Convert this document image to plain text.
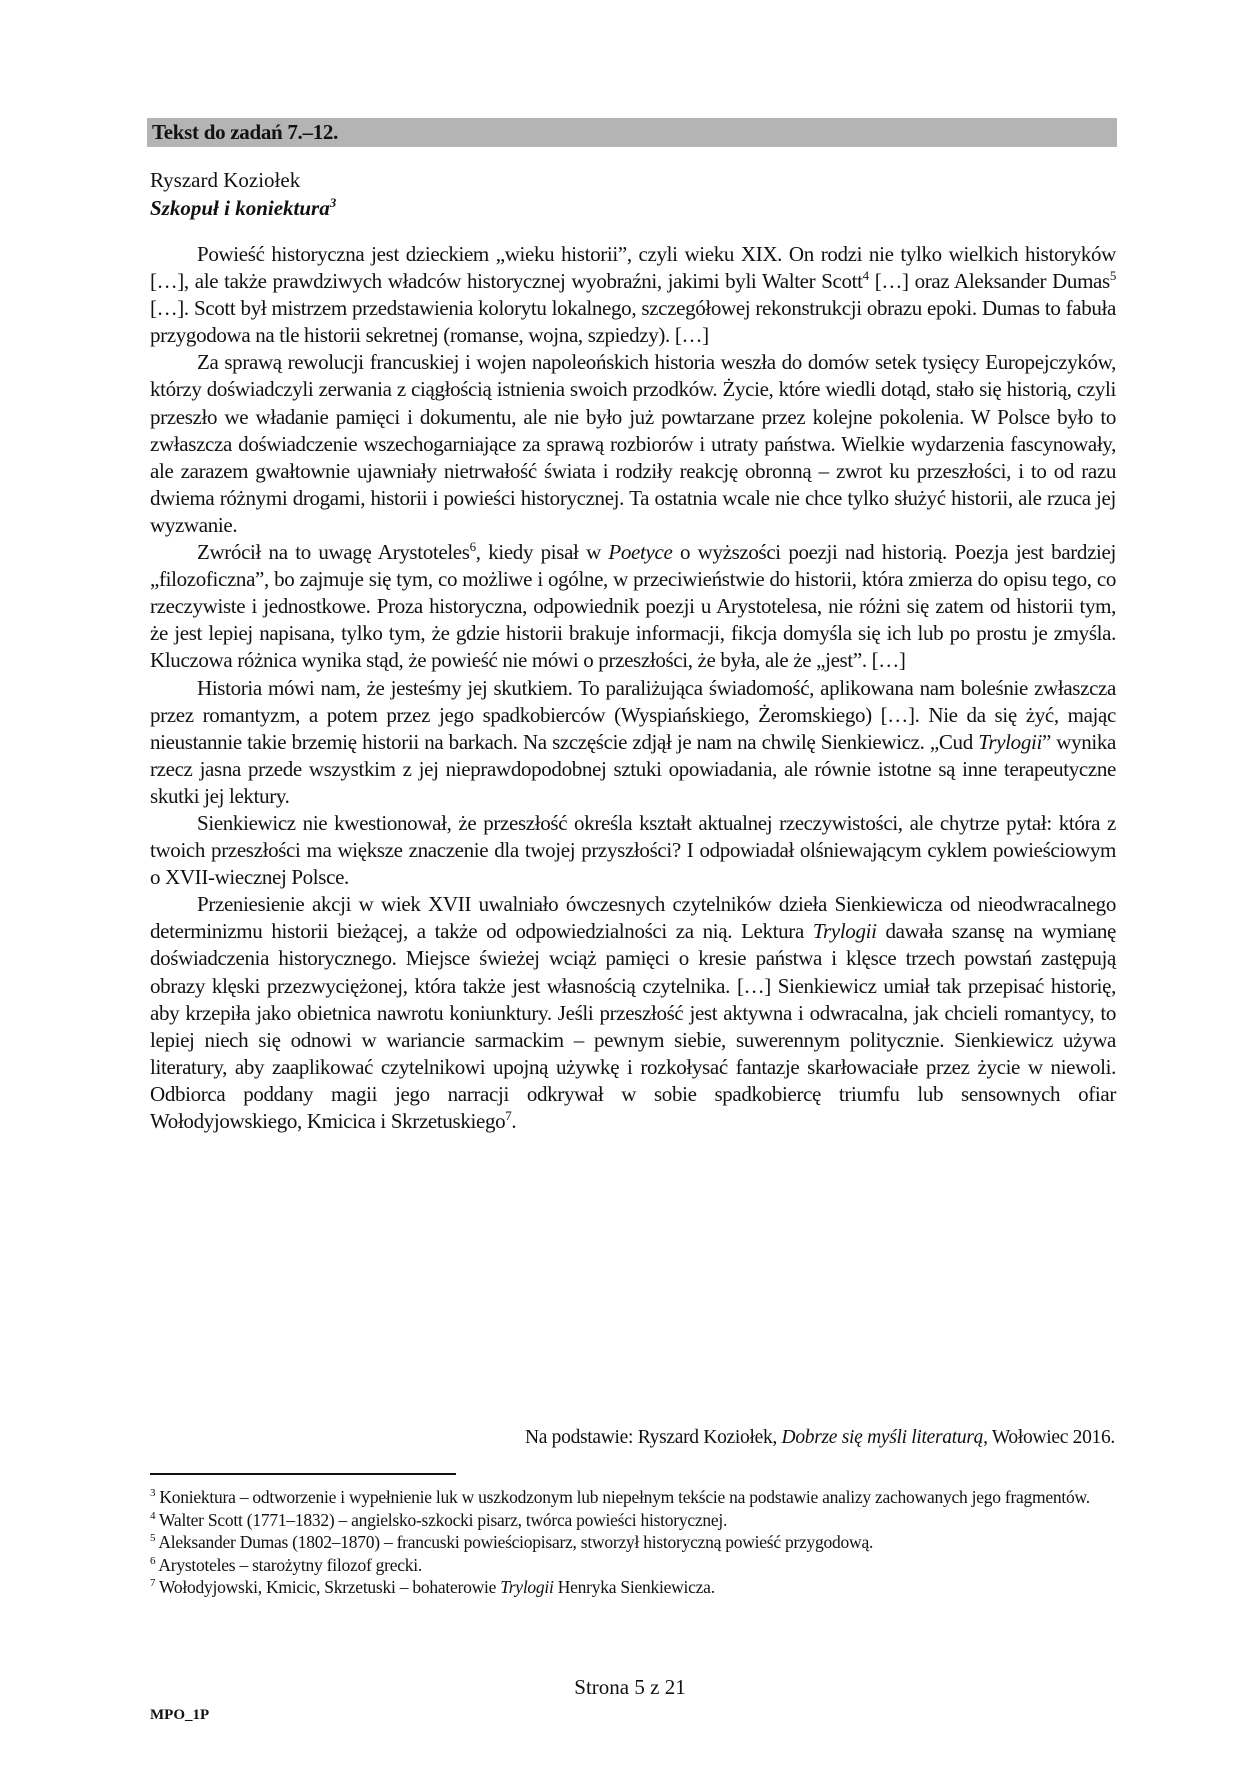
Tekst do zadań 7.–12.
Ryszard Koziołek
Szkopuł i koniektura$^3$

Powieść historyczna jest dzieckiem „wieku historii”, czyli wieku XIX. On rodzi nie tylko wielkich historyków […], ale także prawdziwych władców historycznej wyobraźni, jakimi byli Walter Scott$^4$ […] oraz Aleksander Dumas$^5$ […]. Scott był mistrzem przedstawienia kolorytu lokalnego, szczegółowej rekonstrukcji obrazu epoki. Dumas to fabuła przygodowa na tle historii sekretnej (romanse, wojna, szpiedzy). […]

Za sprawą rewolucji francuskiej i wojen napoleońskich historia weszła do domów setek tysięcy Europejczyków, którzy doświadczyli zerwania z ciągłością istnienia swoich przodków. Życie, które wiedli dotąd, stało się historią, czyli przeszło we władanie pamięci i dokumentu, ale nie było już powtarzane przez kolejne pokolenia. W Polsce było to zwłaszcza doświadczenie wszechogarniające za sprawą rozbiorów i utraty państwa. Wielkie wydarzenia fascynowały, ale zarazem gwałtownie ujawniały nietrwałość świata i rodziły reakcję obronną – zwrot ku przeszłości, i to od razu dwiema różnymi drogami, historii i powieści historycznej. Ta ostatnia wcale nie chce tylko służyć historii, ale rzuca jej wyzwanie.

Zwrócił na to uwagę Arystoteles$^6$, kiedy pisał w Poetyce o wyższości poezji nad historią. Poezja jest bardziej „filozoficzna”, bo zajmuje się tym, co możliwe i ogólne, w przeciwieństwie do historii, która zmierza do opisu tego, co rzeczywiste i jednostkowe. Proza historyczna, odpowiednik poezji u Arystotelesa, nie różni się zatem od historii tym, że jest lepiej napisana, tylko tym, że gdzie historii brakuje informacji, fikcja domyśla się ich lub po prostu je zmyśla. Kluczowa różnica wynika stąd, że powieść nie mówi o przeszłości, że była, ale że „jest”. […]

Historia mówi nam, że jesteśmy jej skutkiem. To paraliżująca świadomość, aplikowana nam boleśnie zwłaszcza przez romantyzm, a potem przez jego spadkobierców (Wyspiańskiego, Żeromskiego) […]. Nie da się żyć, mając nieustannie takie brzemię historii na barkach. Na szczęście zdjął je nam na chwilę Sienkiewicz. „Cud Trylogii” wynika rzecz jasna przede wszystkim z jej nieprawdopodobnej sztuki opowiadania, ale równie istotne są inne terapeutyczne skutki jej lektury.

Sienkiewicz nie kwestionował, że przeszłość określa kształt aktualnej rzeczywistości, ale chytrze pytał: która z twoich przeszłości ma większe znaczenie dla twojej przyszłości? I odpowiadał olśniewającym cyklem powieściowym o XVII-wiecznej Polsce.

Przeniesienie akcji w wiek XVII uwalniało ówczesnych czytelników dzieła Sienkiewicza od nieodwracalnego determinizmu historii bieżącej, a także od odpowiedzialności za nią. Lektura Trylogii dawała szansę na wymianę doświadczenia historycznego. Miejsce świeżej wciąż pamięci o kresie państwa i klęsce trzech powstań zastępują obrazy klęski przezwyciężonej, która także jest własnością czytelnika. […] Sienkiewicz umiał tak przepisać historię, aby krzepiła jako obietnica nawrotu koniunktury. Jeśli przeszłość jest aktywna i odwracalna, jak chcieli romantycy, to lepiej niech się odnowi w wariancie sarmackim – pewnym siebie, suwerennym politycznie. Sienkiewicz używa literatury, aby zaaplikować czytelnikowi upojną używkę i rozkołysać fantazje skarłowaciałe przez życie w niewoli. Odbiorca poddany magii jego narracji odkrywał w sobie spadkobiercę triumfu lub sensownych ofiar Wołodyjowskiego, Kmicica i Skrzetuskiego$^7$.

Na podstawie: Ryszard Koziołek, Dobrze się myśli literaturą, Wołowiec 2016.

$^3$ Koniektura – odtworzenie i wypełnienie luk w uszkodzonym lub niepełnym tekście na podstawie analizy zachowanych jego fragmentów.

$^4$ Walter Scott (1771–1832) – angielsko-szkocki pisarz, twórca powieści historycznej.

$^5$ Aleksander Dumas (1802–1870) – francuski powieściopisarz, stworzył historyczną powieść przygodową.

$^6$ Arystoteles – starożytny filozof grecki.

$^7$ Wołodyjowski, Kmicic, Skrzetuski – bohaterowie Trylogii Henryka Sienkiewicza.

Strona 5 z 21
MPO_1P
